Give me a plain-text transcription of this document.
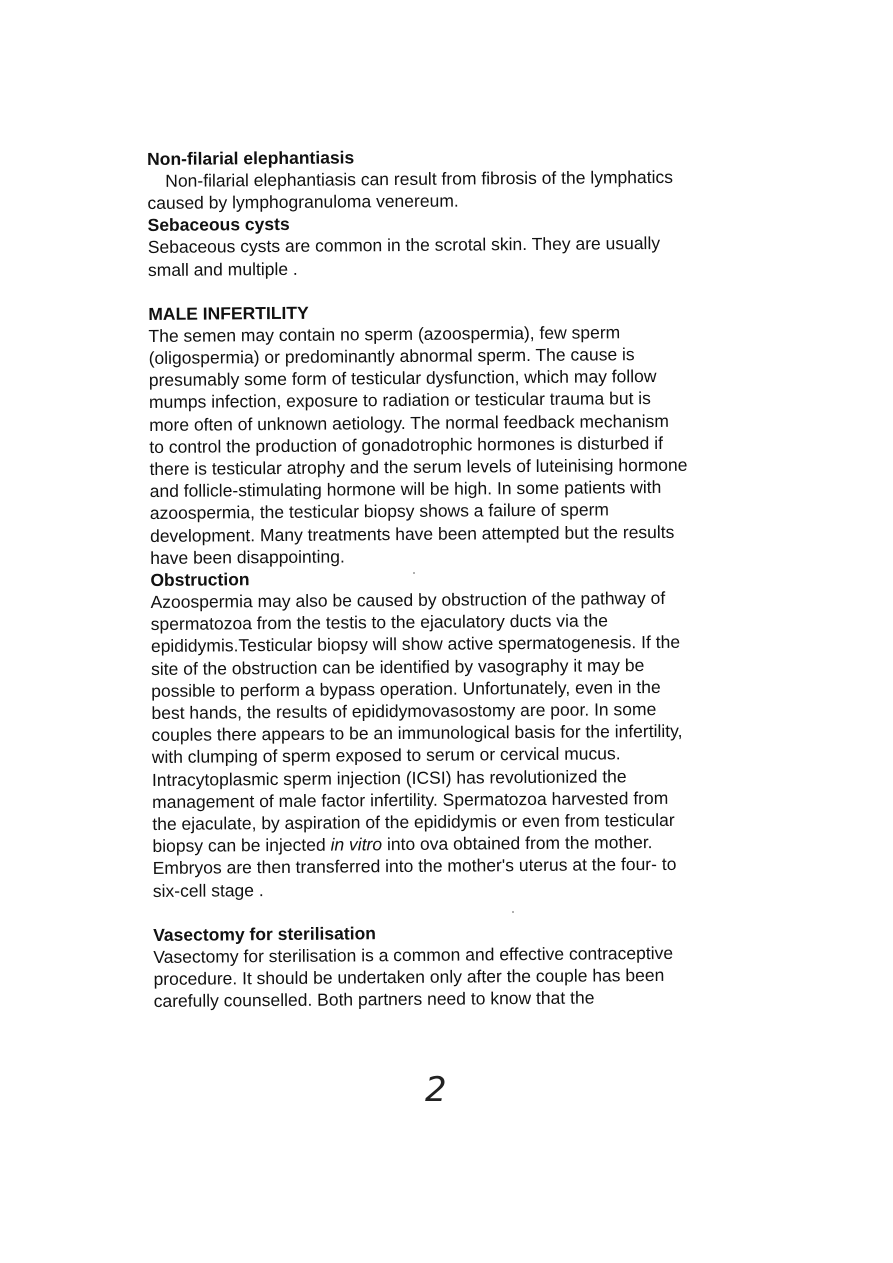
Non-filarial elephantiasis

Non-filarial elephantiasis can result from fibrosis of the lymphatics
caused by lymphogranuloma venereum.

Sebaceous cysts

Sebaceous cysts are common in the scrotal skin. They are usually
small and multiple .

MALE INFERTILITY

The semen may contain no sperm (azoospermia), few sperm
(oligospermia) or predominantly abnormal sperm. The cause is
presumably some form of testicular dysfunction, which may follow
mumps infection, exposure to radiation or testicular trauma but is
more often of unknown aetiology. The normal feedback mechanism
to control the production of gonadotrophic hormones is disturbed if
there is testicular atrophy and the serum levels of luteinising hormone
and follicle-stimulating hormone will be high. In some patients with
azoospermia, the testicular biopsy shows a failure of sperm
development. Many treatments have been attempted but the results
have been disappointing.

Obstruction

Azoospermia may also be caused by obstruction of the pathway of
spermatozoa from the testis to the ejaculatory ducts via the
epididymis.Testicular biopsy will show active spermatogenesis. If the
site of the obstruction can be identified by vasography it may be
possible to perform a bypass operation. Unfortunately, even in the
best hands, the results of epididymovasostomy are poor. In some
couples there appears to be an immunological basis for the infertility,
with clumping of sperm exposed to serum or cervical mucus.
Intracytoplasmic sperm injection (ICSI) has revolutionized the
management of male factor infertility. Spermatozoa harvested from
the ejaculate, by aspiration of the epididymis or even from testicular
biopsy can be injected in vitro into ova obtained from the mother.
Embryos are then transferred into the mother's uterus at the four- to
six-cell stage .

Vasectomy for sterilisation

Vasectomy for sterilisation is a common and effective contraceptive
procedure. It should be undertaken only after the couple has been
carefully counselled. Both partners need to know that the

2
